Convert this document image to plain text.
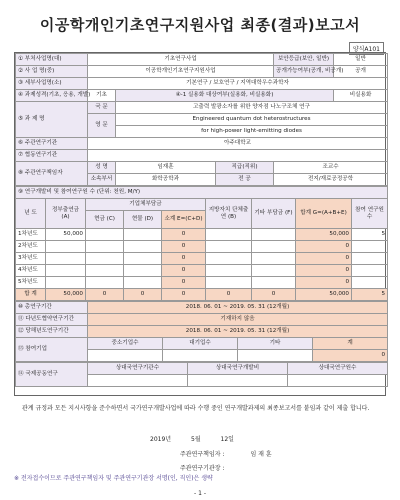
이공학개인기초연구지원사업 최종(결과)보고서
양식A101
① 부처사업명(대)	기초연구사업			보안등급(보안, 일반)	일반
② 사 업 명(중)	이공학개인기초연구지원사업			공개가능여부(공개, 비공개)	공개
③ 세부사업명(소)	기본연구 / 보호연구 / 지역대학우수과학자				
④ 과제성격(기초, 응용, 개발)	기초	④-1 실용화 대상여부(실용화, 비실용화)			비실용화
⑤ 과 제 명	국 문	고출력 발광소자를 위한 양자점 나노구조체 연구			
	영 문	Engineered quantum dot heterostructures			
		for high-power light-emitting diodes			
⑥ 주관연구기관	아주대학교				
⑦ 협동연구기관					
⑧ 주관연구책임자	성 명	임재훈	직급(직위)	조교수	
	소속부서	화학공학과	전 공	전지/재료공정공학	
⑨ 연구개발비 및 참여연구원 수 (단위: 천원, M/Y)								
년 도	정부출연금 (A)	기업체부담금			지방자치 단체출연 (B)	기타 부담금 (F)	합계 G=(A+B+E)	참여 연구원수
		현금 (C)	현물 (D)	소계 E=(C+D)				
1차년도	50,000			0			50,000	5
2차년도				0			0	
3차년도				0			0	
4차년도				0			0	
5차년도				0			0	
합 계	50,000	0	0	0	0	0	50,000	5
⑩ 총연구기간	2018. 06. 01 ~ 2019. 05. 31 (12개월)			
⑪ 다년도협약연구기간	기재하지 않음			
⑫ 당해년도연구기간	2018. 06. 01 ~ 2019. 05. 31 (12개월)			
⑬ 참여기업	중소기업수	대기업수	기타	계
				0
⑭ 국제공동연구	상대국연구기관수	상대국연구개발비	상대국연구원수

관계 규정과 모든 지시사항을 준수하면서 국가연구개발사업에 따라 수행 중인 연구개발과제의 최종보고서를 붙임과 같이 제출 합니다.
2019년	5월	12일
주관연구책임자 :	임 재 훈
주관연구기관장 :
※ 전자접수이므로 주관연구책임자 및 주관연구기관장 서명(인, 직인)은 생략
- 1 -
